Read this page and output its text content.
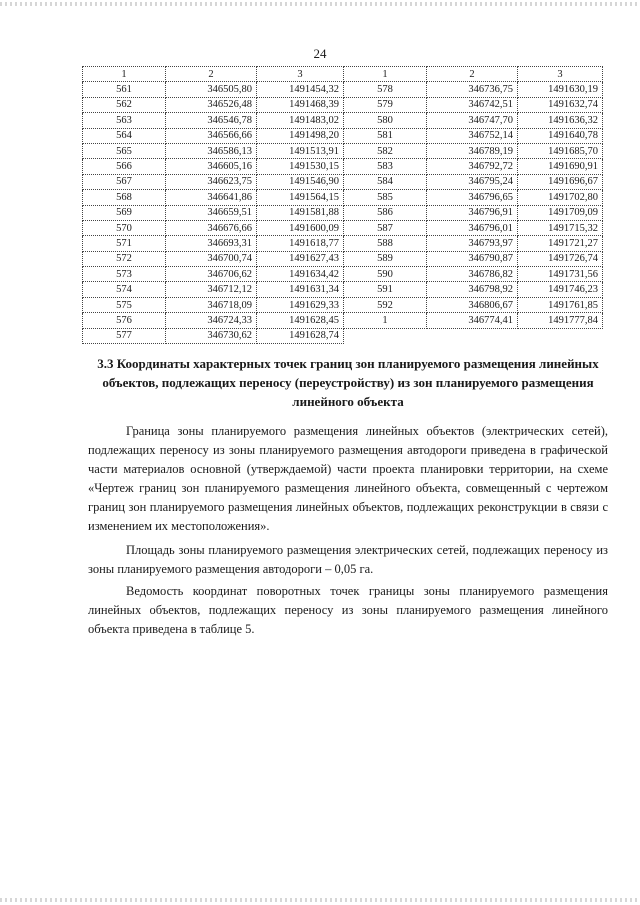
24
1	2	3	1	2	3
561	346505,80	1491454,32	578	346736,75	1491630,19
562	346526,48	1491468,39	579	346742,51	1491632,74
563	346546,78	1491483,02	580	346747,70	1491636,32
564	346566,66	1491498,20	581	346752,14	1491640,78
565	346586,13	1491513,91	582	346789,19	1491685,70
566	346605,16	1491530,15	583	346792,72	1491690,91
567	346623,75	1491546,90	584	346795,24	1491696,67
568	346641,86	1491564,15	585	346796,65	1491702,80
569	346659,51	1491581,88	586	346796,91	1491709,09
570	346676,66	1491600,09	587	346796,01	1491715,32
571	346693,31	1491618,77	588	346793,97	1491721,27
572	346700,74	1491627,43	589	346790,87	1491726,74
573	346706,62	1491634,42	590	346786,82	1491731,56
574	346712,12	1491631,34	591	346798,92	1491746,23
575	346718,09	1491629,33	592	346806,67	1491761,85
576	346724,33	1491628,45	1	346774,41	1491777,84
577	346730,62	1491628,74			
3.3 Координаты характерных точек границ зон планируемого размещения линейных объектов, подлежащих переносу (переустройству) из зон планируемого размещения линейного объекта

Граница зоны планируемого размещения линейных объектов (электрических сетей), подлежащих переносу из зоны планируемого размещения автодороги приведена в графической части материалов основной (утверждаемой) части проекта планировки территории, на схеме «Чертеж границ зон планируемого размещения линейного объекта, совмещенный с чертежом границ зон планируемого размещения линейных объектов, подлежащих реконструкции в связи с изменением их местоположения».

Площадь зоны планируемого размещения электрических сетей, подлежащих переносу из зоны планируемого размещения автодороги – 0,05 га.

Ведомость координат поворотных точек границы зоны планируемого размещения линейных объектов, подлежащих переносу из зоны планируемого размещения линейного объекта приведена в таблице 5.
